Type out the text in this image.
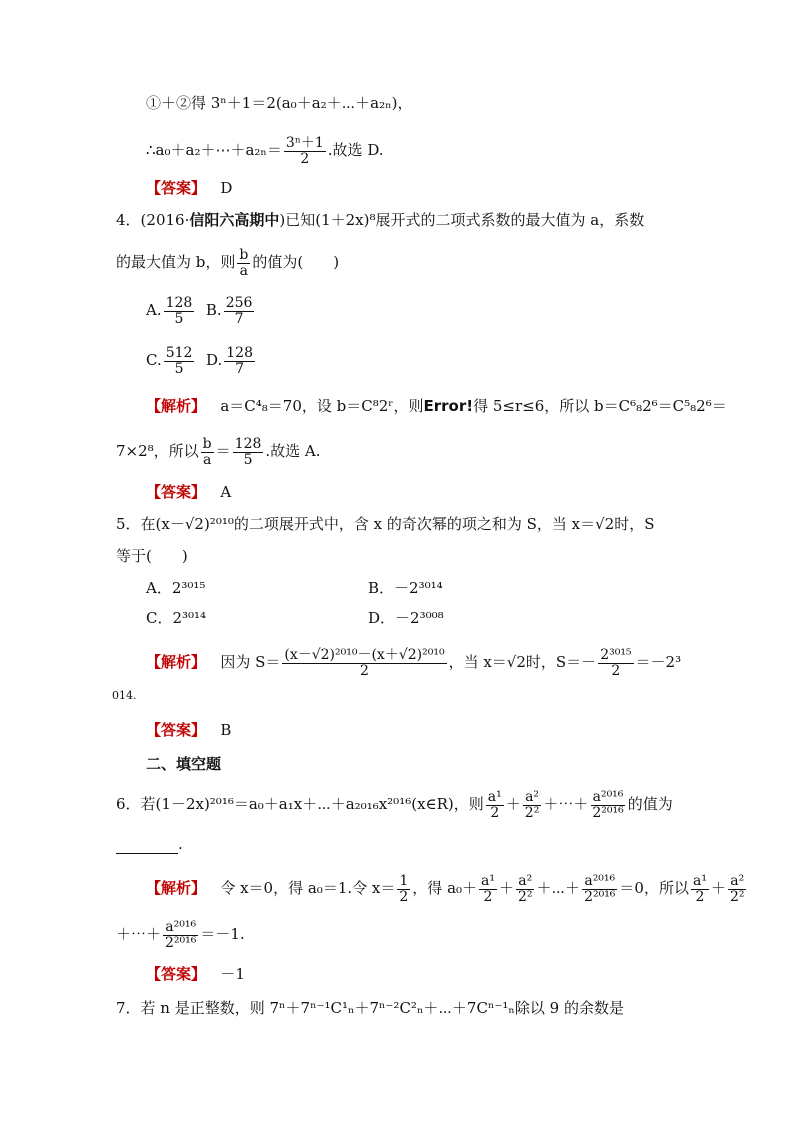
①＋②得 3ⁿ＋1＝2(a₀＋a₂＋⋯＋a₂ₙ)，
∴a₀＋a₂＋⋯＋a₂ₙ＝ $\frac{\text{3ⁿ＋1}}{2}$ .故选 D.
【答案】 D
4．(2016·信阳六高期中)已知(1＋2x)⁸展开式的二项式系数的最大值为 a，系数
的最大值为 b，则 $\frac{b}{a}$ 的值为(　　)
A. $\frac{128}{5} B$. $\frac{256}{7}$
C. $\frac{512}{5} D$. $\frac{128}{7}$
【解析】 a＝C⁴₈＝70，设 b＝C⁸2ʳ，则Error!得 5≤r≤6，所以 b＝C⁶₈2⁶＝C⁵₈2⁶＝
7×2⁸，所以 $\frac{b}{a} = \frac{128}{5}$ .故选 A.
【答案】 A
5．在(x－√2)²⁰¹⁰的二项展开式中，含 x 的奇次幂的项之和为 S，当 x＝√2时，S
等于(　　)
A．2³⁰¹⁵	B．－2³⁰¹⁴
C．2³⁰¹⁴	D．－2³⁰⁰⁸
【解析】 因为 $S= \frac{\text{(x－√2)²⁰¹⁰－(x＋√2)²⁰¹⁰}}{2}$ ，当 x＝√2时，$S=- \frac{\text{2³⁰¹⁵}}{2} =-2^3$
014.
【答案】 B
二、填空题
6．若(1－2x)²⁰¹⁶＝a₀＋a₁x＋⋯＋a₂₀₁₆x²⁰¹⁶(x∈R)，则 $\frac{\text{a¹}}{2} + \frac{\text{a²}}{\text{2²}}$ ＋⋯＋ $\frac{\text{a²⁰¹⁶}}{\text{2²⁰¹⁶}}$ 的值为
.
【解析】 令 x＝0，得 a₀＝1.令 $x= \frac{1}{2}$ ，得 $a_0+ \frac{\text{a¹}}{2} + \frac{\text{a²}}{\text{2²}}$ ＋⋯＋ $\frac{\text{a²⁰¹⁶}}{\text{2²⁰¹⁶}} =0$，所以 $\frac{\text{a¹}}{2} + \frac{\text{a²}}{\text{2²}}$
＋⋯＋ $\frac{\text{a²⁰¹⁶}}{\text{2²⁰¹⁶}} =-1$.
【答案】 －1
7．若 n 是正整数，则 7ⁿ＋7ⁿ⁻¹C¹ₙ＋7ⁿ⁻²C²ₙ＋⋯＋7Cⁿ⁻¹ₙ除以 9 的余数是
